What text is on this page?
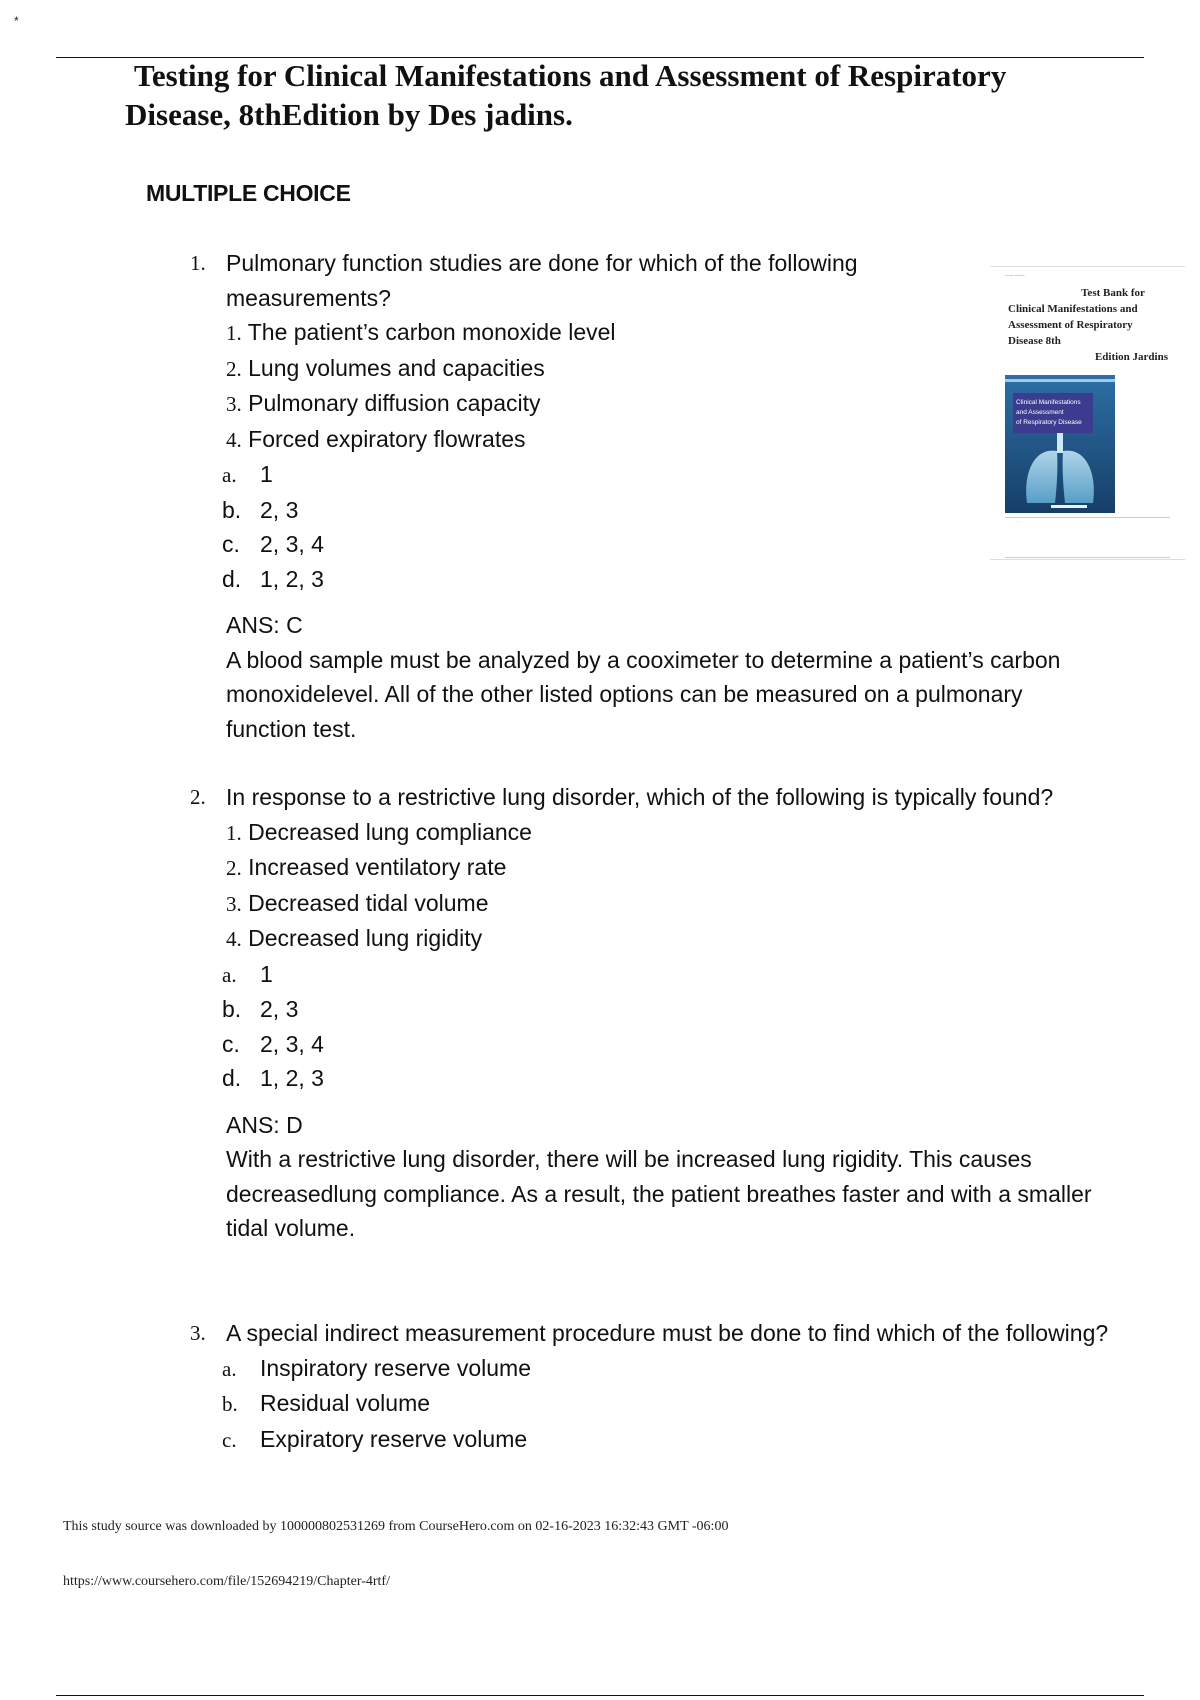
*
Testing for Clinical Manifestations and Assessment of Respiratory
Disease, 8thEdition by Des jadins.
MULTIPLE CHOICE
1. Pulmonary function studies are done for which of the following measurements?
1. The patient’s carbon monoxide level
2. Lung volumes and capacities
3. Pulmonary diffusion capacity
4. Forced expiratory flowrates
a. 1
b. 2, 3
c. 2, 3, 4
d. 1, 2, 3
ANS: C
A blood sample must be analyzed by a cooximeter to determine a patient’s carbon monoxidelevel. All of the other listed options can be measured on a pulmonary function test.
2. In response to a restrictive lung disorder, which of the following is typically found?
1. Decreased lung compliance
2. Increased ventilatory rate
3. Decreased tidal volume
4. Decreased lung rigidity
a. 1
b. 2, 3
c. 2, 3, 4
d. 1, 2, 3
ANS: D
With a restrictive lung disorder, there will be increased lung rigidity. This causes decreasedlung compliance. As a result, the patient breathes faster and with a smaller tidal volume.
3. A special indirect measurement procedure must be done to find which of the following?
a. Inspiratory reserve volume
b. Residual volume
c. Expiratory reserve volume
----- ------

Test Bank for
Clinical Manifestations and
Assessment of Respiratory
Disease 8th
Edition Jardins

Clinical Manifestations
and Assessment
of Respiratory Disease
· ·

This study source was downloaded by 100000802531269 from CourseHero.com on 02-16-2023 16:32:43 GMT -06:00

https://www.coursehero.com/file/152694219/Chapter-4rtf/
